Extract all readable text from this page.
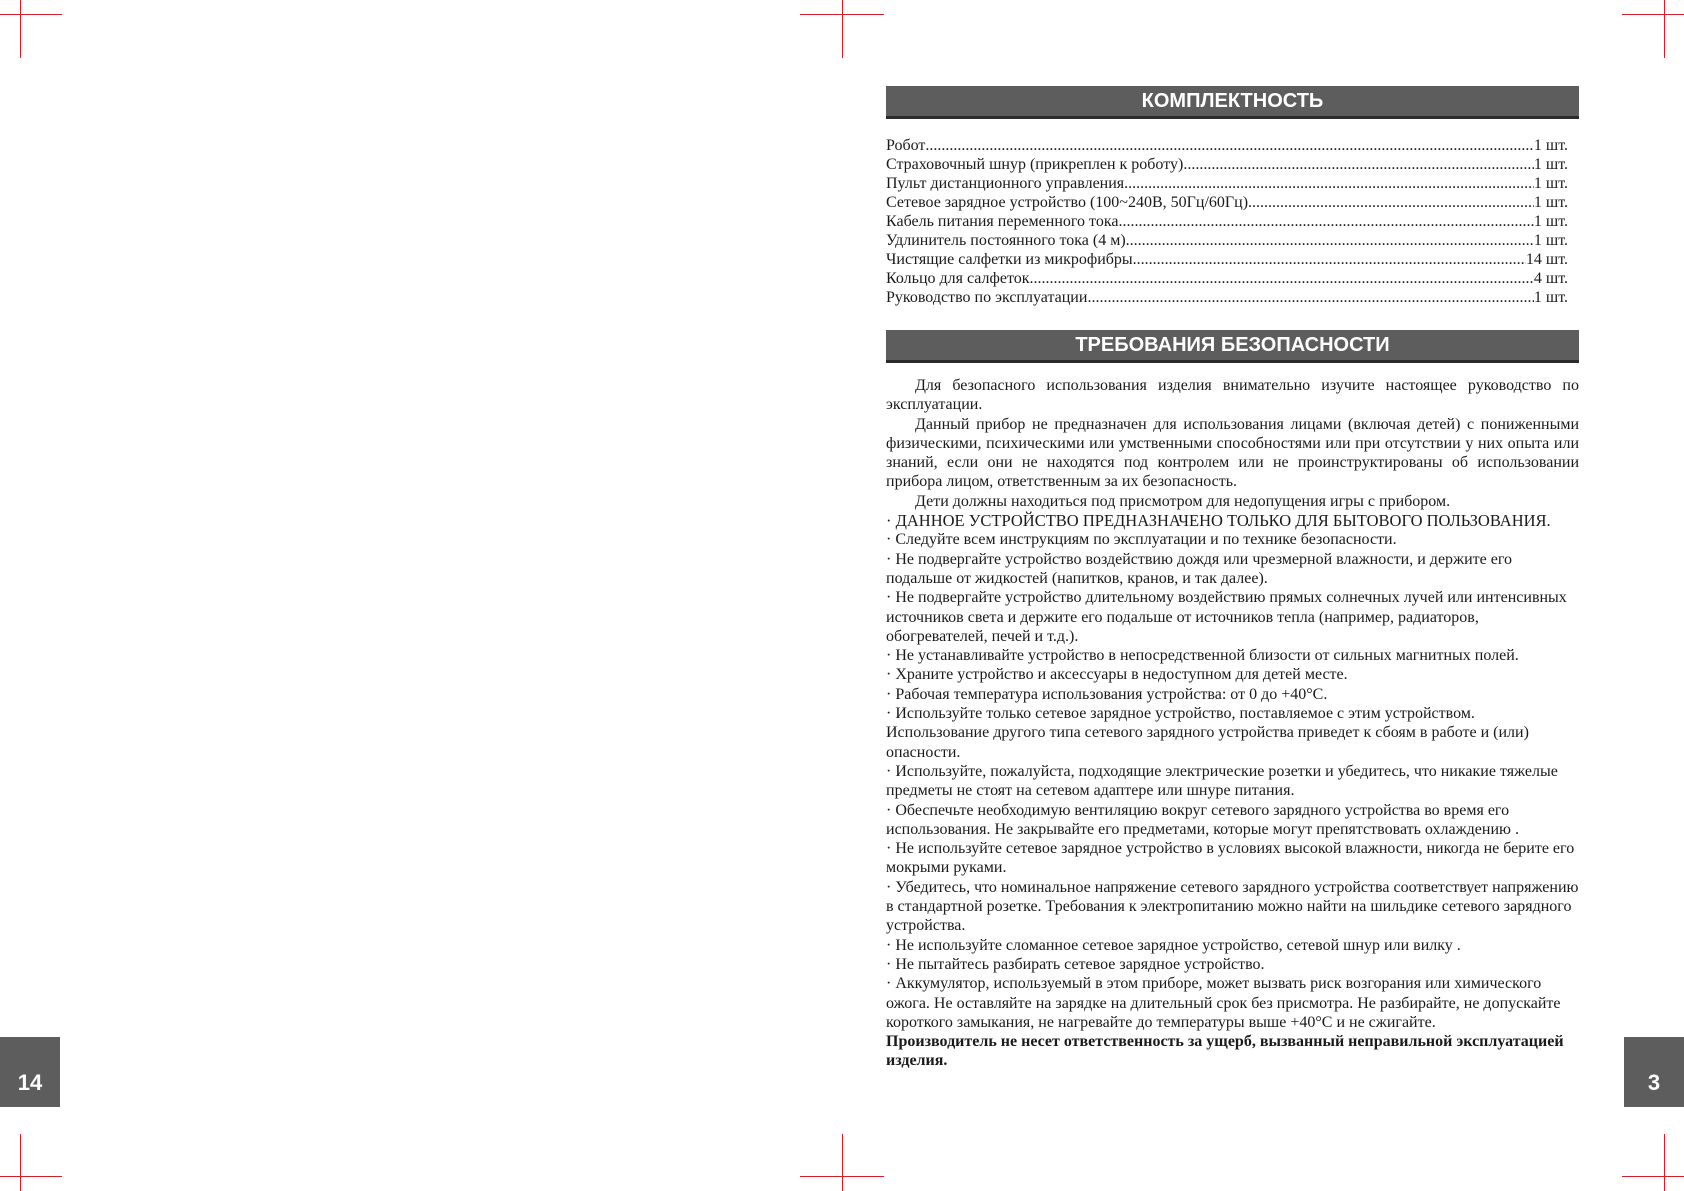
14	3
КОМПЛЕКТНОСТЬ
Робот .....	1 шт.
Страховочный шнур (прикреплен к роботу) .....	1 шт.
Пульт дистанционного управления .....	1 шт.
Сетевое зарядное устройство (100~240В, 50Гц/60Гц) .....	1 шт.
Кабель питания переменного тока .....	1 шт.
Удлинитель постоянного тока (4 м) .....	1 шт.
Чистящие салфетки из микрофибры .....	14 шт.
Кольцо для салфеток .....	4 шт.
Руководство по эксплуатации .....	1 шт.
ТРЕБОВАНИЯ БЕЗОПАСНОСТИ

Для безопасного использования изделия внимательно изучите настоящее руководство по эксплуатации.

Данный прибор не предназначен для использования лицами (включая детей) с пониженными физическими, психическими или умственными способностями или при отсутствии у них опыта или знаний, если они не находятся под контролем или не проинструктированы об использовании прибора лицом, ответственным за их безопасность.

Дети должны находиться под присмотром для недопущения игры с прибором.

· ДАННОЕ УСТРОЙСТВО ПРЕДНАЗНАЧЕНО ТОЛЬКО ДЛЯ БЫТОВОГО ПОЛЬЗОВАНИЯ.

· Следуйте всем инструкциям по эксплуатации и по технике безопасности.

· Не подвергайте устройство воздействию дождя или чрезмерной влажности, и держите его подальше от жидкостей (напитков, кранов, и так далее).

· Не подвергайте устройство длительному воздействию прямых солнечных лучей или интенсивных источников света и держите его подальше от источников тепла (например, радиаторов, обогревателей, печей и т.д.).

· Не устанавливайте устройство в непосредственной близости от сильных магнитных полей.

· Храните устройство и аксессуары в недоступном для детей месте.

· Рабочая температура использования устройства: от 0 до +40°С.

· Используйте только сетевое зарядное устройство, поставляемое с этим устройством. Использование другого типа сетевого зарядного устройства приведет к сбоям в работе и (или) опасности.

· Используйте, пожалуйста, подходящие электрические розетки и убедитесь, что никакие тяжелые предметы не стоят на сетевом адаптере или шнуре питания.

· Обеспечьте необходимую вентиляцию вокруг сетевого зарядного устройства во время его использования. Не закрывайте его предметами, которые могут препятствовать охлаждению .

· Не используйте сетевое зарядное устройство в условиях высокой влажности, никогда не берите его мокрыми руками.

· Убедитесь, что номинальное напряжение сетевого зарядного устройства соответствует напряжению в стандартной розетке. Требования к электропитанию можно найти на шильдике сетевого зарядного устройства.

· Не используйте сломанное сетевое зарядное устройство, сетевой шнур или вилку .

· Не пытайтесь разбирать сетевое зарядное устройство.

· Аккумулятор, используемый в этом приборе, может вызвать риск возгорания или химического ожога. Не оставляйте на зарядке на длительный срок без присмотра. Не разбирайте, не допускайте короткого замыкания, не нагревайте до температуры выше +40°С и не сжигайте.

Производитель не несет ответственность за ущерб, вызванный неправильной эксплуатацией изделия.
